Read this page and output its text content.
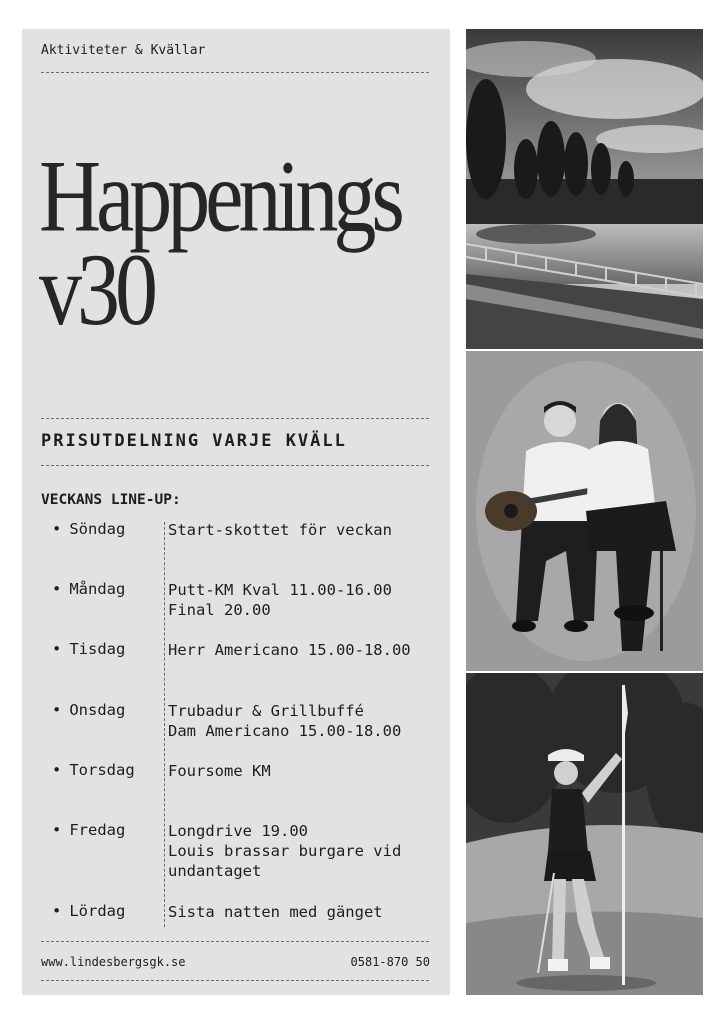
Aktiviteter & Kvällar
Happenings
v30
PRISUTDELNING VARJE KVÄLL
VECKANS LINE-UP:
• Söndag	Start-skottet för veckan
• Måndag	Putt-KM Kval 11.00-16.00
Final 20.00
• Tisdag	Herr Americano 15.00-18.00
• Onsdag	Trubadur & Grillbuffé
Dam Americano 15.00-18.00
• Torsdag Foursome KM
• Fredag	Longdrive 19.00
Louis brassar burgare vid
undantaget
• Lördag	Sista natten med gänget
www.lindesbergsgk.se	0581-870 50
